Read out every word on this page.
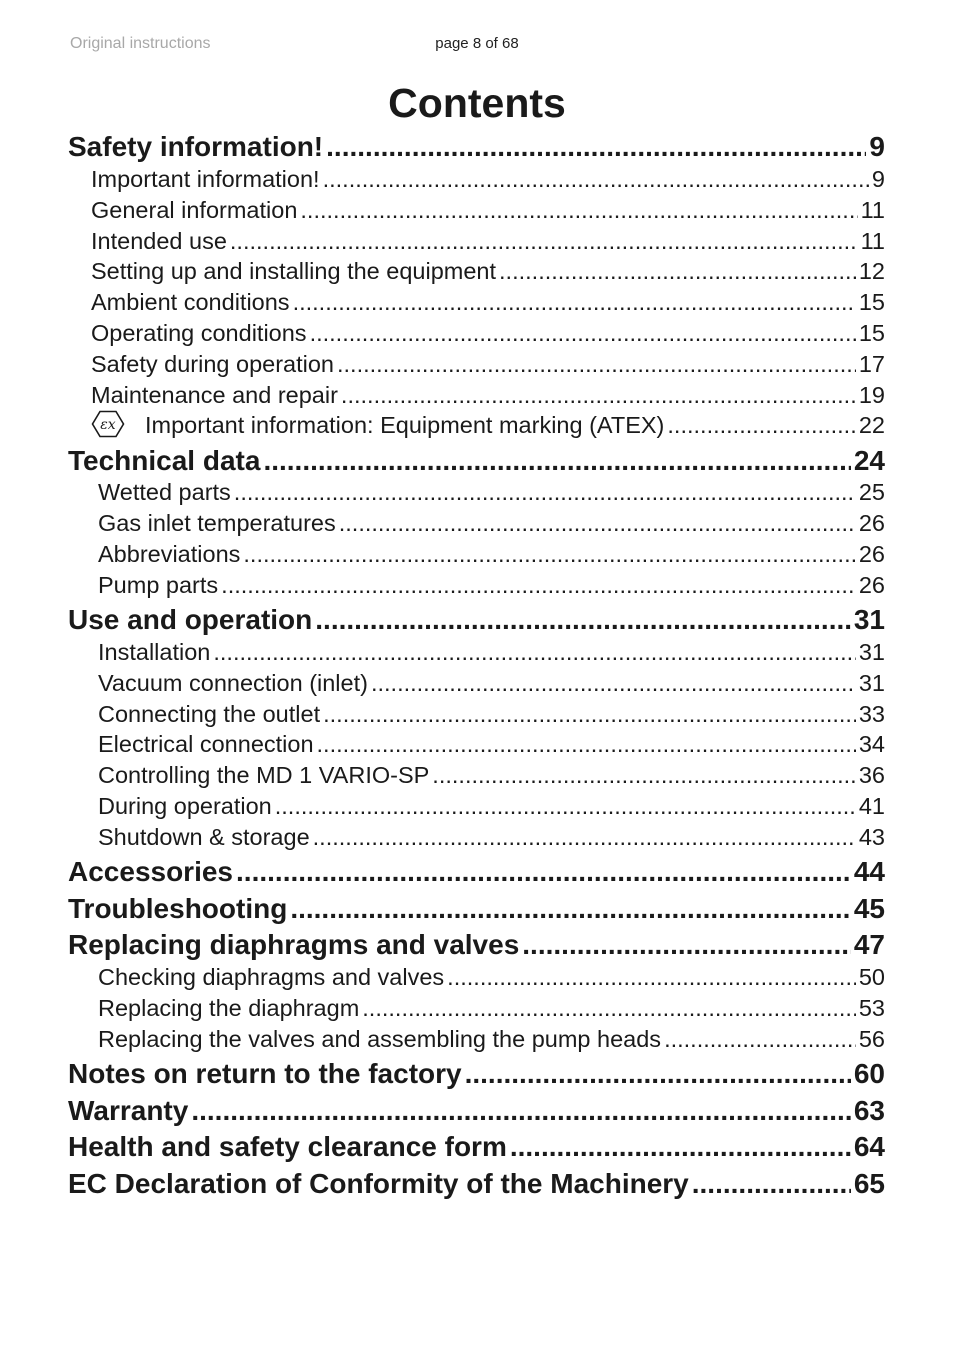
Original instructions	page 8 of 68
Contents
Safety information! .....	9
Important information! .....	9
General information .....	11
Intended use .....	11
Setting up and installing the equipment .....	12
Ambient conditions .....	15
Operating conditions .....	15
Safety during operation .....	17
Maintenance and repair .....	19
εx Important information: Equipment marking (ATEX) .....	22
Technical data .....	24
Wetted parts .....	25
Gas inlet temperatures .....	26
Abbreviations .....	26
Pump parts .....	26
Use and operation .....	31
Installation .....	31
Vacuum connection (inlet) .....	31
Connecting the outlet .....	33
Electrical connection .....	34
Controlling the MD 1 VARIO-SP .....	36
During operation .....	41
Shutdown & storage .....	43
Accessories .....	44
Troubleshooting .....	45
Replacing diaphragms and valves .....	47
Checking diaphragms and valves .....	50
Replacing the diaphragm .....	53
Replacing the valves and assembling the pump heads .....	56
Notes on return to the factory .....	60
Warranty .....	63
Health and safety clearance form .....	64
EC Declaration of Conformity of the Machinery .....	65
